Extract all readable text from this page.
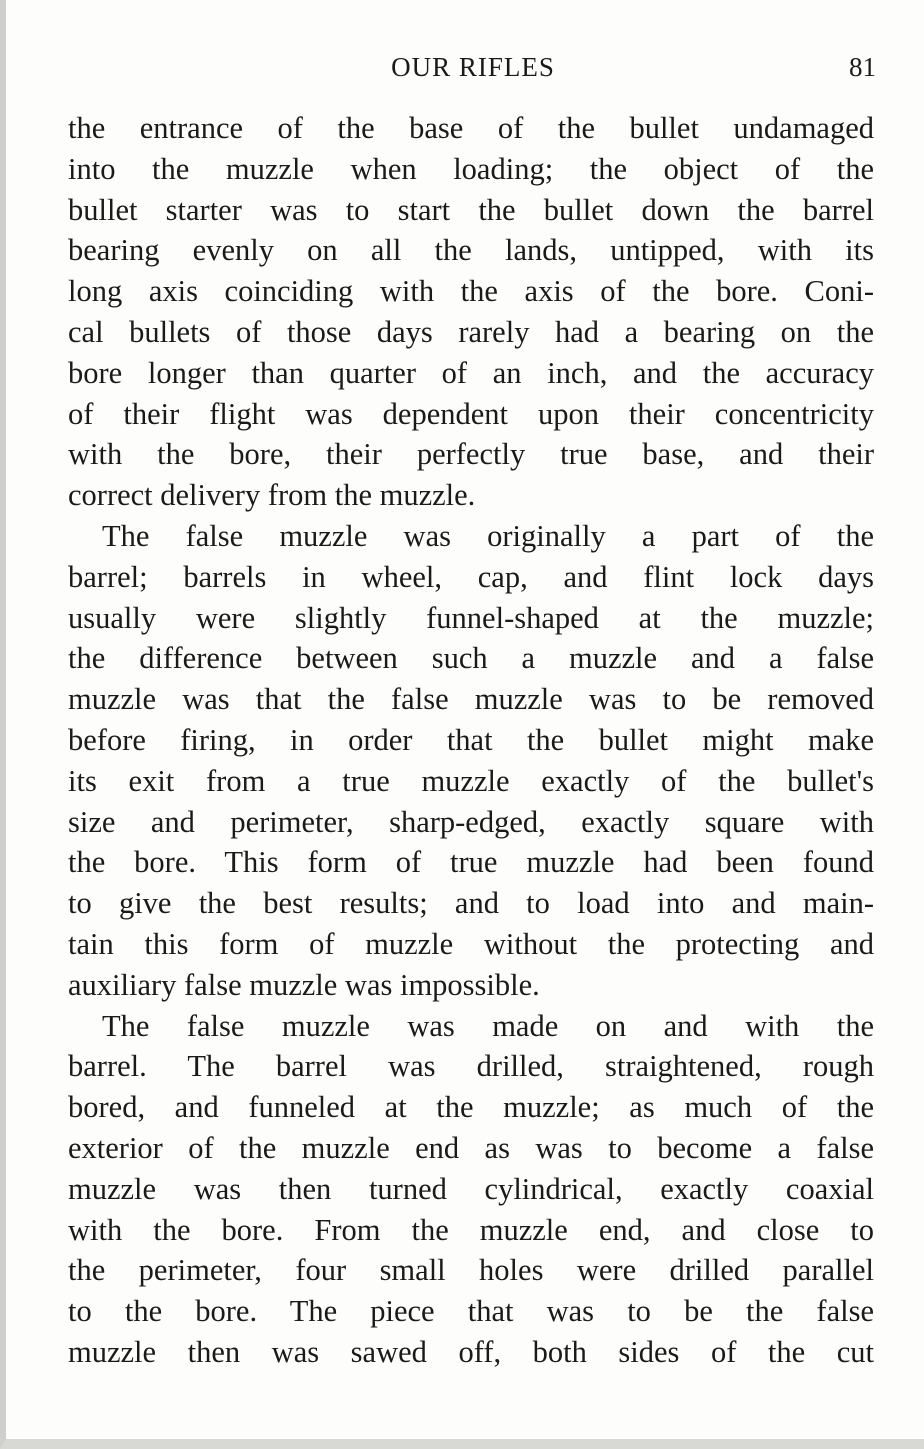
OUR RIFLES	81
the entrance of the base of the bullet undamaged
into the muzzle when loading; the object of the
bullet starter was to start the bullet down the barrel
bearing evenly on all the lands, untipped, with its
long axis coinciding with the axis of the bore. Coni-
cal bullets of those days rarely had a bearing on the
bore longer than quarter of an inch, and the accuracy
of their flight was dependent upon their concentricity
with the bore, their perfectly true base, and their
correct delivery from the muzzle.
The false muzzle was originally a part of the
barrel; barrels in wheel, cap, and flint lock days
usually were slightly funnel-shaped at the muzzle;
the difference between such a muzzle and a false
muzzle was that the false muzzle was to be removed
before firing, in order that the bullet might make
its exit from a true muzzle exactly of the bullet's
size and perimeter, sharp-edged, exactly square with
the bore. This form of true muzzle had been found
to give the best results; and to load into and main-
tain this form of muzzle without the protecting and
auxiliary false muzzle was impossible.
The false muzzle was made on and with the
barrel. The barrel was drilled, straightened, rough
bored, and funneled at the muzzle; as much of the
exterior of the muzzle end as was to become a false
muzzle was then turned cylindrical, exactly coaxial
with the bore. From the muzzle end, and close to
the perimeter, four small holes were drilled parallel
to the bore. The piece that was to be the false
muzzle then was sawed off, both sides of the cut
